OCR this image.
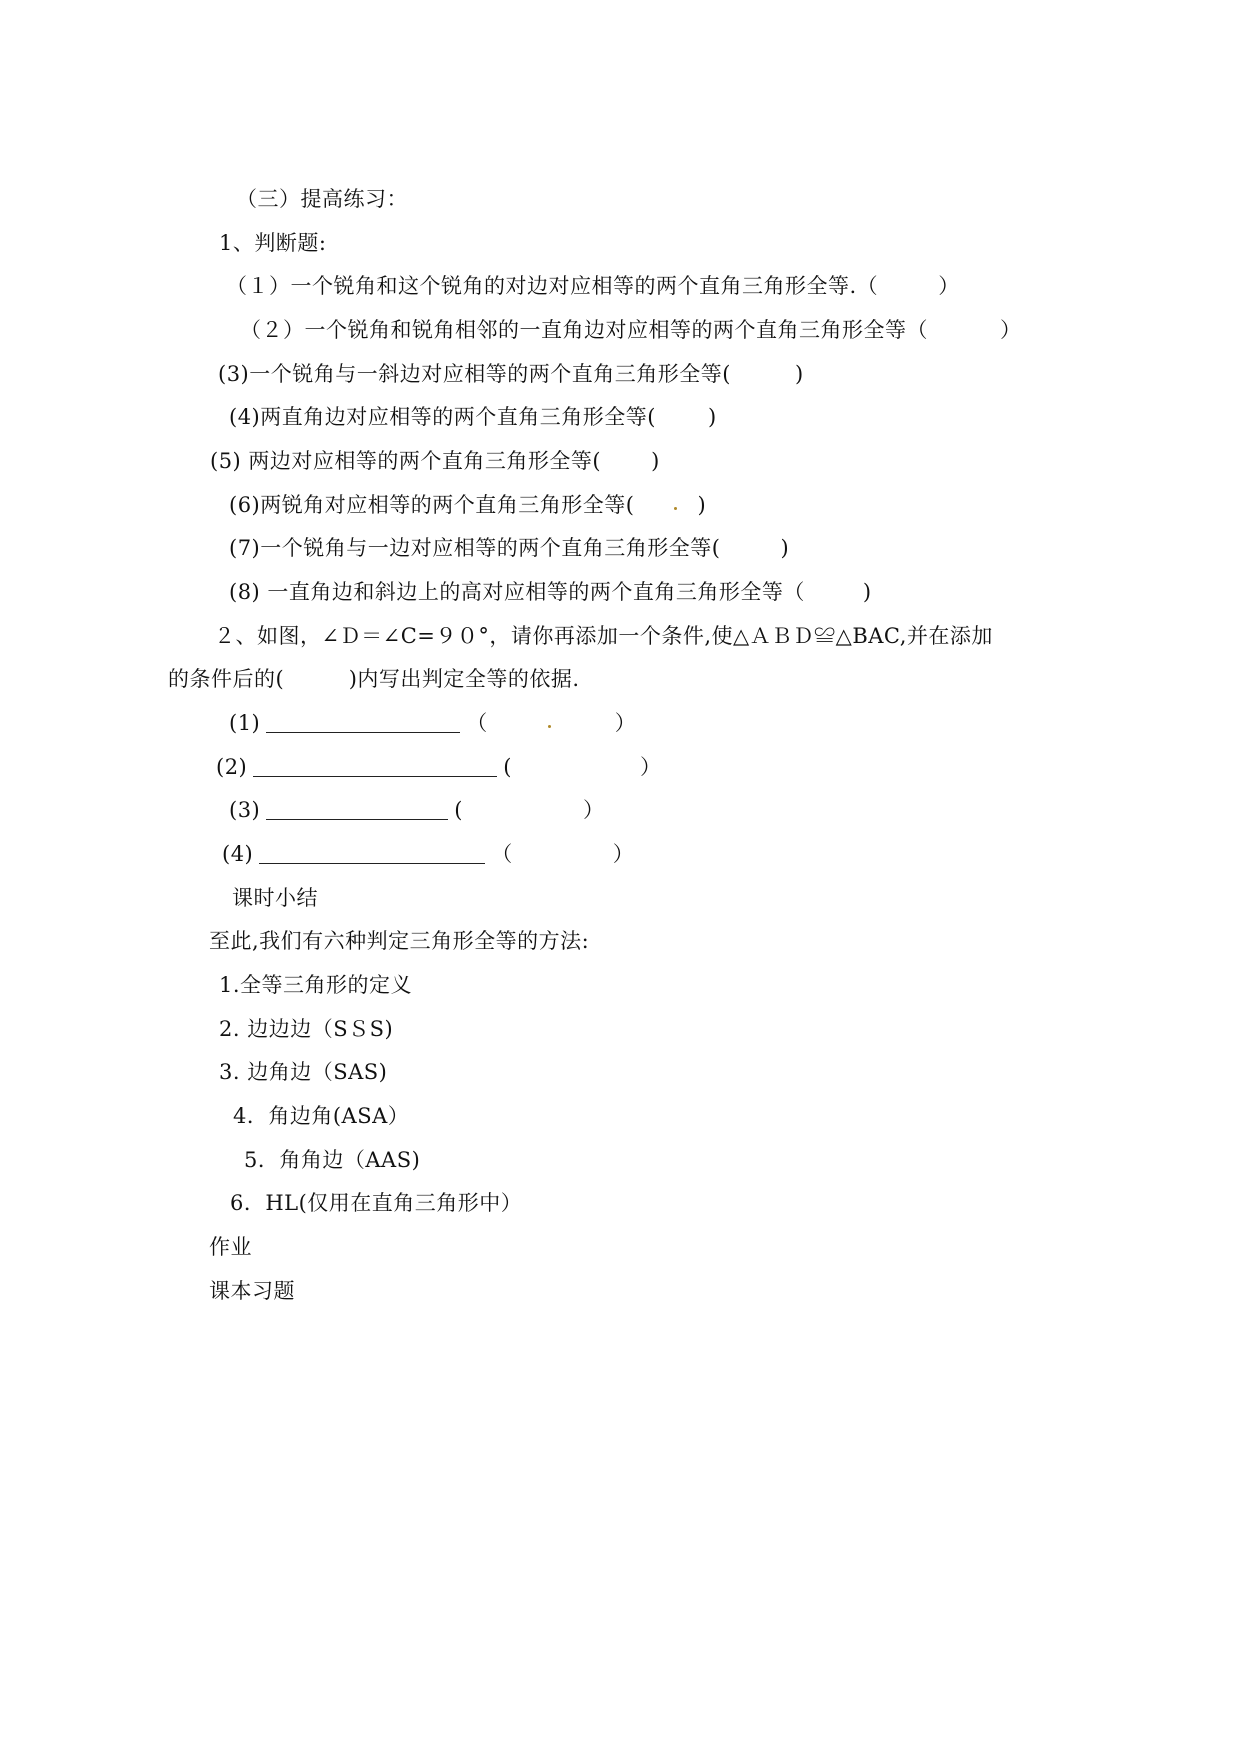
（三）提高练习：
1、判断题:
（１）一个锐角和这个锐角的对边对应相等的两个直角三角形全等.（	）
（２）一个锐角和锐角相邻的一直角边对应相等的两个直角三角形全等（	）
(3)一个锐角与一斜边对应相等的两个直角三角形全等(	)
(4)两直角边对应相等的两个直角三角形全等( )
(5) 两边对应相等的两个直角三角形全等( )
(6)两锐角对应相等的两个直角三角形全等(	)
(7)一个锐角与一边对应相等的两个直角三角形全等(	)
(8) 一直角边和斜边上的高对应相等的两个直角三角形全等（	)
２、如图，∠Ｄ＝∠C=９０°，请你再添加一个条件,使△ＡＢＤ≌△BAC,并在添加
的条件后的(　　　)内写出判定全等的依据.
(1)	（	）
(2)	(	）
(3)	(	）
(4)	（	）
课时小结
至此,我们有六种判定三角形全等的方法:
1.全等三角形的定义
2. 边边边（SＳS)
3. 边角边（SAS)
4．角边角(ASA）
5．角角边（AAS)
6．HL(仅用在直角三角形中）
作业
课本习题
